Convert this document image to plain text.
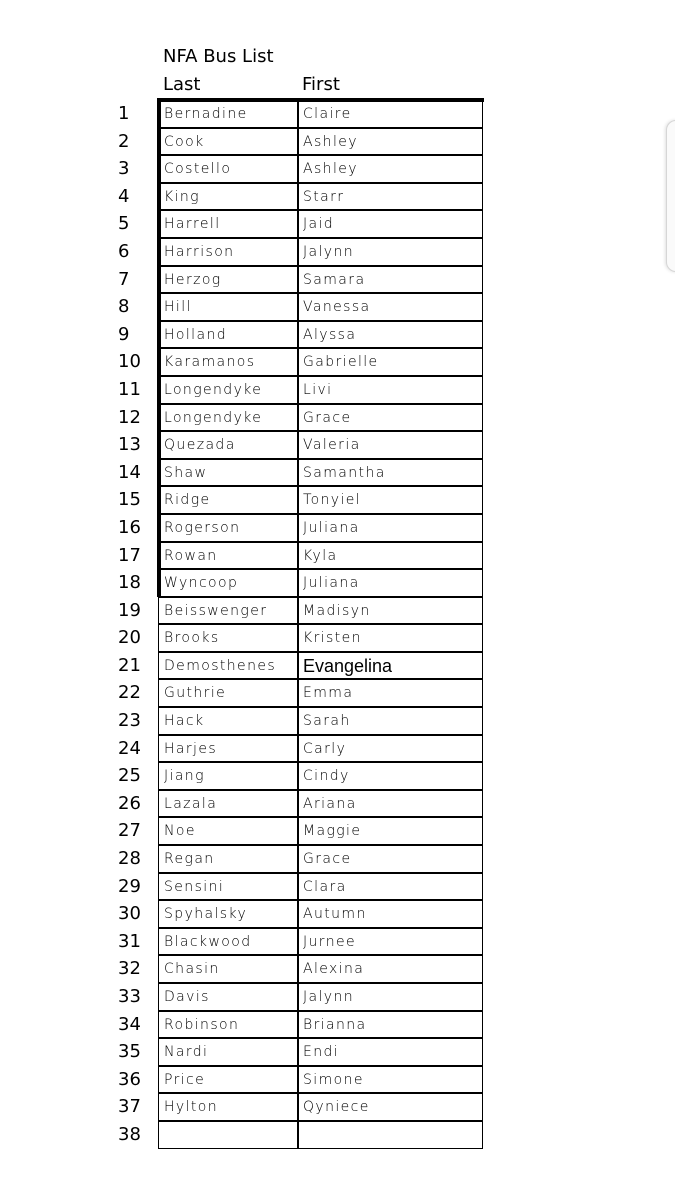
NFA Bus List
Last	First
1	Bernadine	Claire
2	Cook	Ashley
3	Costello	Ashley
4	King	Starr
5	Harrell	Jaid
6	Harrison	Jalynn
7	Herzog	Samara
8	Hill	Vanessa
9	Holland	Alyssa
10	Karamanos	Gabrielle
11	Longendyke	Livi
12	Longendyke	Grace
13	Quezada	Valeria
14	Shaw	Samantha
15	Ridge	Tonyiel
16	Rogerson	Juliana
17	Rowan	Kyla
18	Wyncoop	Juliana
19	Beisswenger	Madisyn
20	Brooks	Kristen
21	Demosthenes	Evangelina
22	Guthrie	Emma
23	Hack	Sarah
24	Harjes	Carly
25	Jiang	Cindy
26	Lazala	Ariana
27	Noe	Maggie
28	Regan	Grace
29	Sensini	Clara
30	Spyhalsky	Autumn
31	Blackwood	Jurnee
32	Chasin	Alexina
33	Davis	Jalynn
34	Robinson	Brianna
35	Nardi	Endi
36	Price	Simone
37	Hylton	Qyniece
38
